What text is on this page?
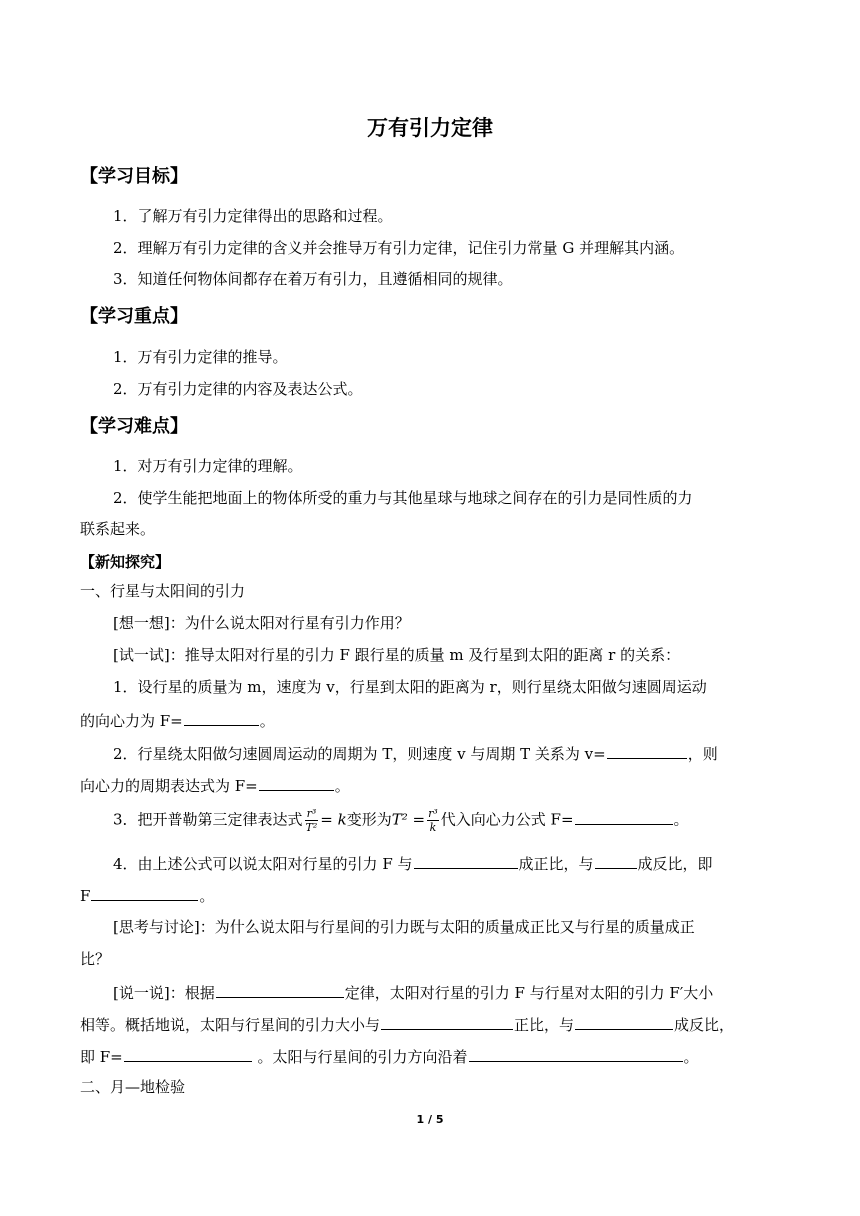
万有引力定律
【学习目标】
1．了解万有引力定律得出的思路和过程。
2．理解万有引力定律的含义并会推导万有引力定律，记住引力常量 G 并理解其内涵。
3．知道任何物体间都存在着万有引力，且遵循相同的规律。
【学习重点】
1．万有引力定律的推导。
2．万有引力定律的内容及表达公式。
【学习难点】
1．对万有引力定律的理解。
2．使学生能把地面上的物体所受的重力与其他星球与地球之间存在的引力是同性质的力
联系起来。
【新知探究】
一、行星与太阳间的引力
[想一想]：为什么说太阳对行星有引力作用？
[试一试]：推导太阳对行星的引力 F 跟行星的质量 m 及行星到太阳的距离 r 的关系：
1．设行星的质量为 m，速度为 v，行星到太阳的距离为 r，则行星绕太阳做匀速圆周运动
的向心力为 F=	。
2．行星绕太阳做匀速圆周运动的周期为 T，则速度 v 与周期 T 关系为 v=	，则
向心力的周期表达式为 F=	。
3．把开普勒第三定律表达式 $\frac{\text{r³}}{\text{T²}} = k$变形为$T^2 = \frac{\text{r³}}{k}$ 代入向心力公式 F=	。
4．由上述公式可以说太阳对行星的引力 F 与	成正比，与	成反比，即
F	。
[思考与讨论]：为什么说太阳与行星间的引力既与太阳的质量成正比又与行星的质量成正
比？
[说一说]：根据	定律，太阳对行星的引力 F 与行星对太阳的引力 F′大小
相等。概括地说，太阳与行星间的引力大小与	正比，与	成反比，
即 F=	。太阳与行星间的引力方向沿着	。
二、月—地检验
1 / 5
